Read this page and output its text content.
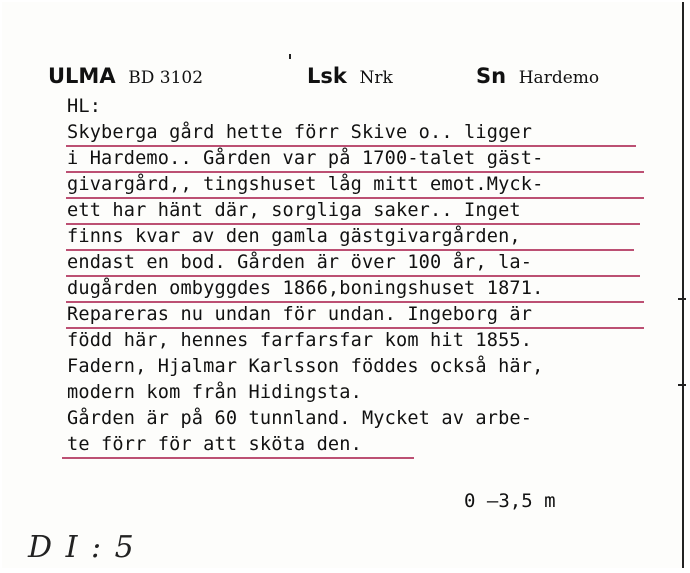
ULMA BD 3102	Lsk Nrk	Sn Hardemo
HL:
Skyberga gård hette förr Skive o.. ligger
i Hardemo.. Gården var på 1700-talet gäst-
givargård,, tingshuset låg mitt emot.Myck-
ett har hänt där, sorgliga saker.. Inget
finns kvar av den gamla gästgivargården,
endast en bod. Gården är över 100 år, la-
dugården ombyggdes 1866,boningshuset 1871.
Repareras nu undan för undan. Ingeborg är
född här, hennes farfarsfar kom hit 1855.
Fadern, Hjalmar Karlsson föddes också här,
modern kom från Hidingsta.
Gården är på 60 tunnland. Mycket av arbe-
te förr för att sköta den.
0 —3,5 m
D I : 5
